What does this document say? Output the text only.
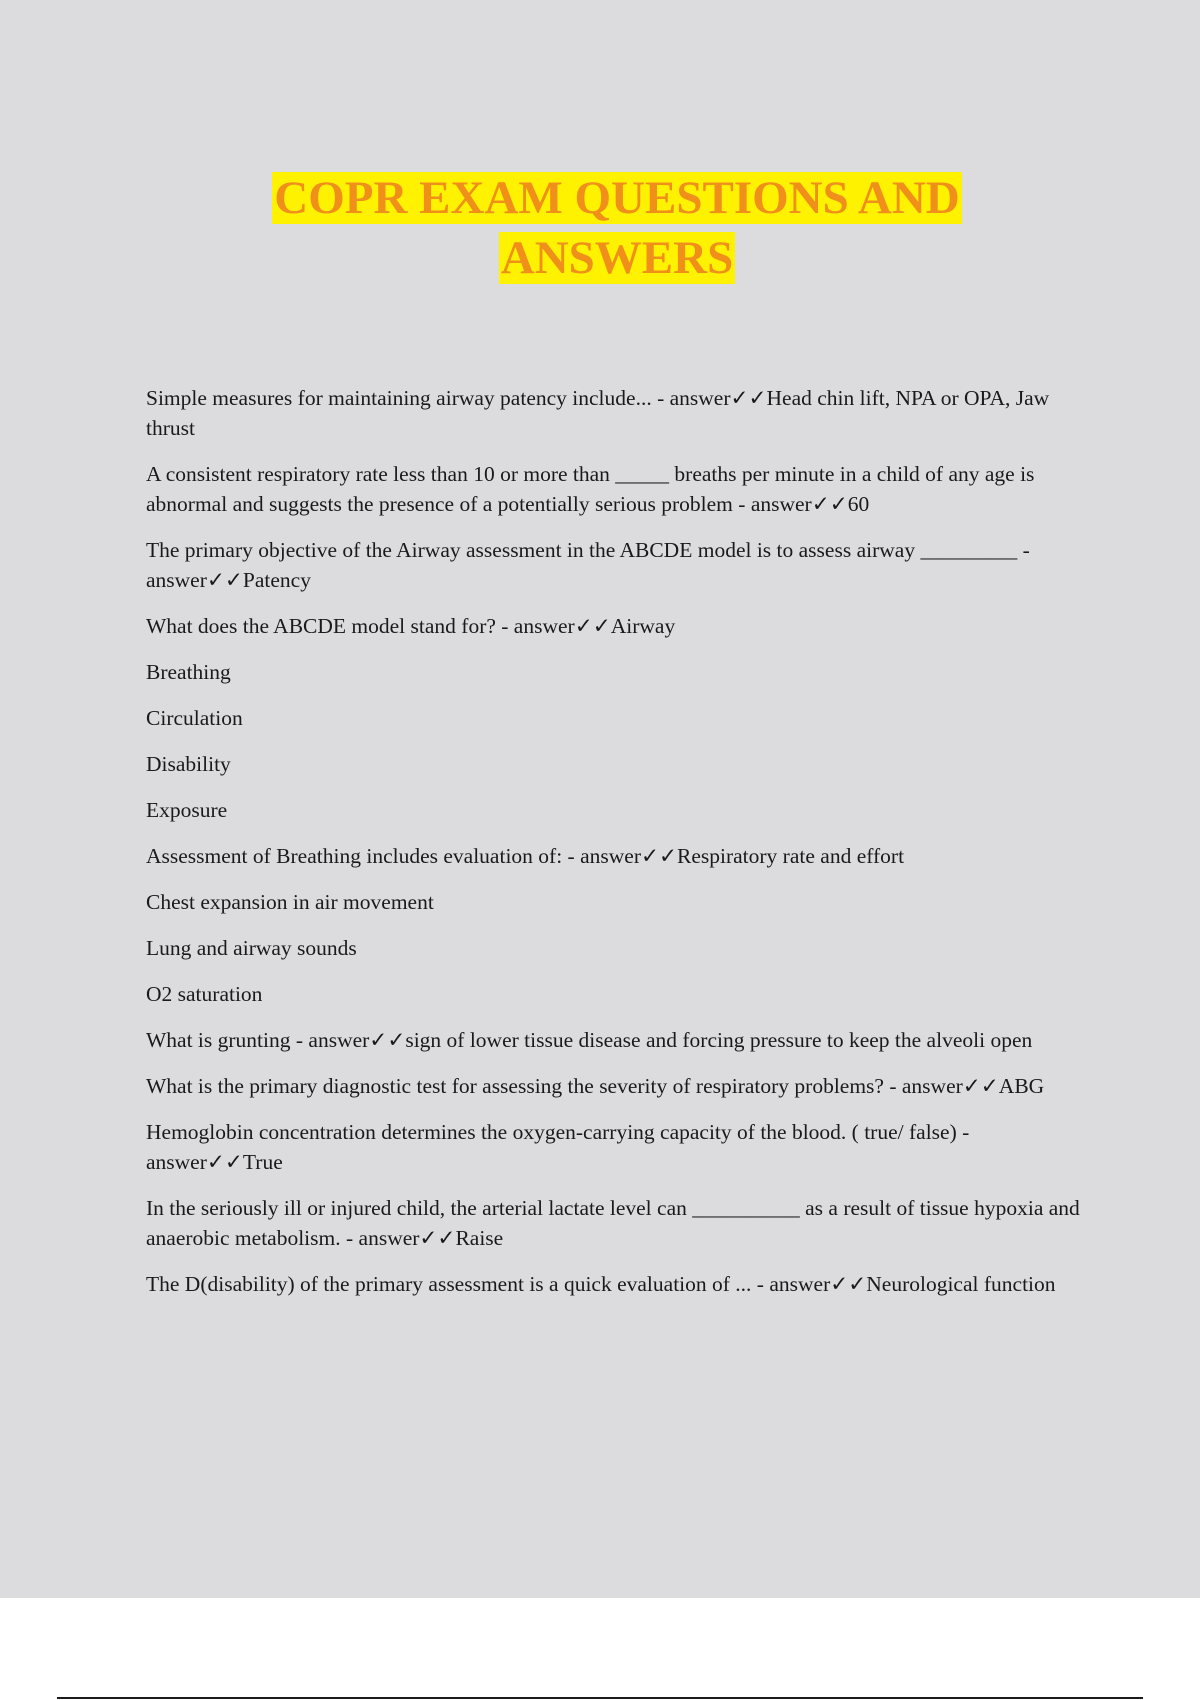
COPR EXAM QUESTIONS AND
ANSWERS

Simple measures for maintaining airway patency include... - answer✓✓Head chin lift, NPA or OPA, Jaw thrust

A consistent respiratory rate less than 10 or more than _____ breaths per minute in a child of any age is abnormal and suggests the presence of a potentially serious problem - answer✓✓60

The primary objective of the Airway assessment in the ABCDE model is to assess airway _________ - answer✓✓Patency

What does the ABCDE model stand for? - answer✓✓Airway

Breathing

Circulation

Disability

Exposure

Assessment of Breathing includes evaluation of: - answer✓✓Respiratory rate and effort

Chest expansion in air movement

Lung and airway sounds

O2 saturation

What is grunting - answer✓✓sign of lower tissue disease and forcing pressure to keep the alveoli open

What is the primary diagnostic test for assessing the severity of respiratory problems? - answer✓✓ABG

Hemoglobin concentration determines the oxygen-carrying capacity of the blood. ( true/ false) - answer✓✓True

In the seriously ill or injured child, the arterial lactate level can __________ as a result of tissue hypoxia and anaerobic metabolism. - answer✓✓Raise

The D(disability) of the primary assessment is a quick evaluation of ... - answer✓✓Neurological function
